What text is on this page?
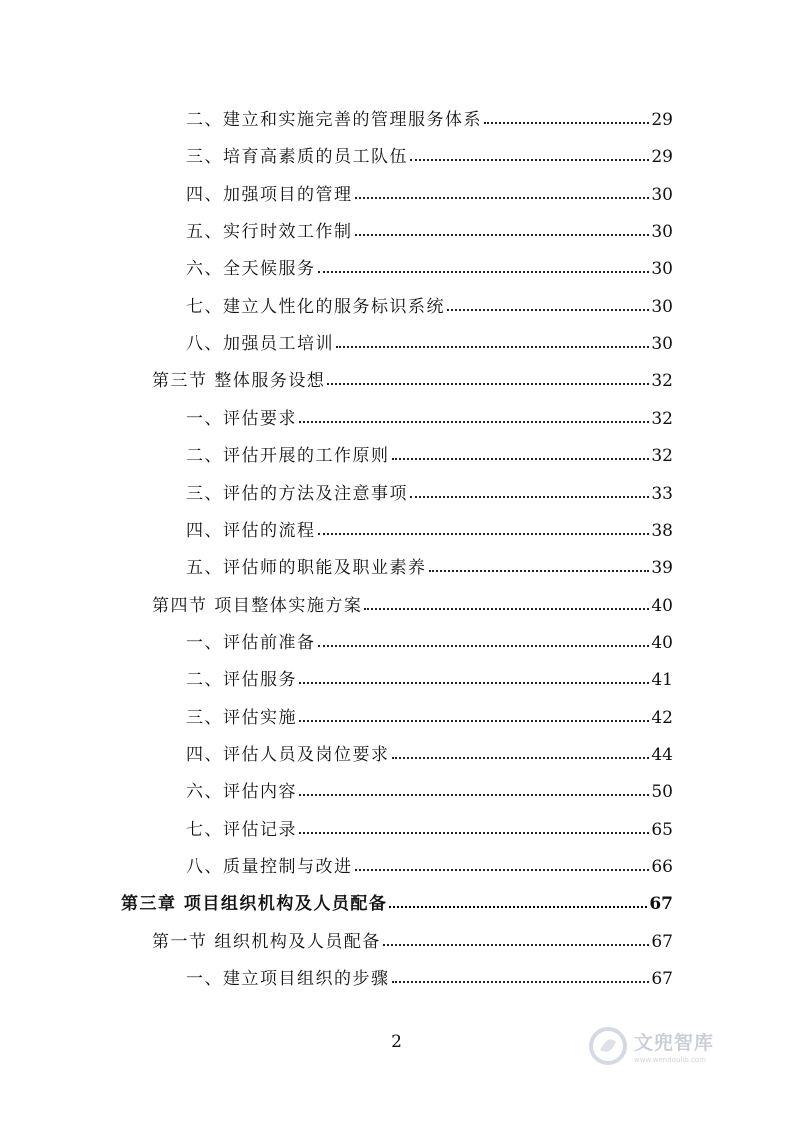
二、建立和实施完善的管理服务体系	29
三、培育高素质的员工队伍	29
四、加强项目的管理	30
五、实行时效工作制	30
六、全天候服务	30
七、建立人性化的服务标识系统	30
八、加强员工培训	30
第三节 整体服务设想	32
一、评估要求	32
二、评估开展的工作原则	32
三、评估的方法及注意事项	33
四、评估的流程	38
五、评估师的职能及职业素养	39
第四节 项目整体实施方案	40
一、评估前准备	40
二、评估服务	41
三、评估实施	42
四、评估人员及岗位要求	44
六、评估内容	50
七、评估记录	65
八、质量控制与改进	66
第三章 项目组织机构及人员配备	67
第一节 组织机构及人员配备	67
一、建立项目组织的步骤	67
2	文兜智库
www.wendoulib.com
